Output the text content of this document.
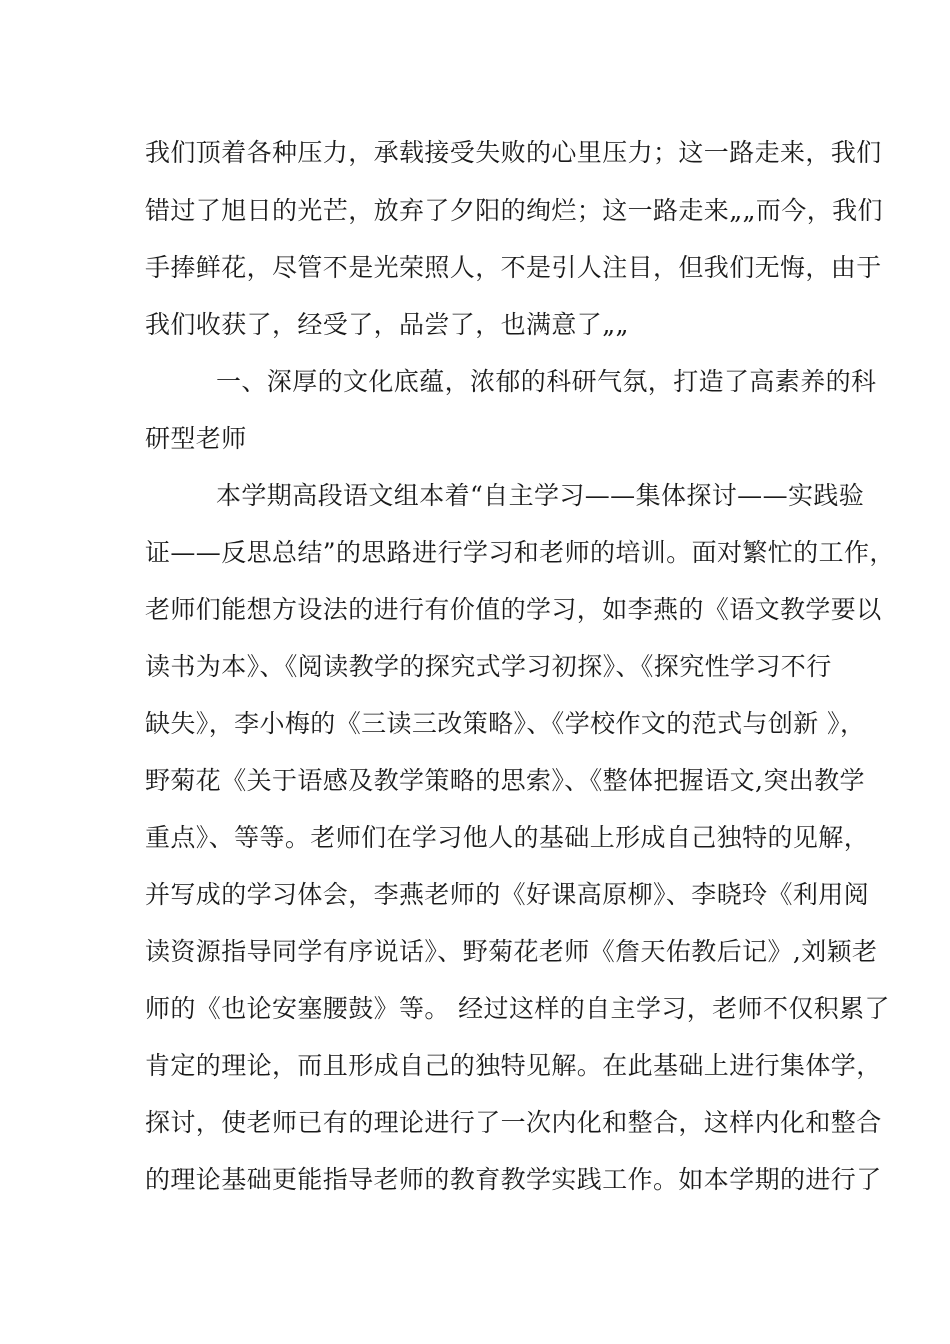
我们顶着各种压力，承载接受失败的心里压力；这一路走来，我们
错过了旭日的光芒，放弃了夕阳的绚烂；这一路走来„„而今，我们
手捧鲜花，尽管不是光荣照人，不是引人注目，但我们无悔，由于
我们收获了，经受了，品尝了，也满意了„„
一、深厚的文化底蕴，浓郁的科研气氛，打造了高素养的科
研型老师
本学期高段语文组本着“自主学习——集体探讨——实践验
证——反思总结”的思路进行学习和老师的培训。面对繁忙的工作，
老师们能想方设法的进行有价值的学习，如李燕的《语文教学要以
读书为本》、《阅读教学的探究式学习初探》、《探究性学习不行
缺失》，李小梅的《三读三改策略》、《学校作文的范式与创新 》，
野菊花《关于语感及教学策略的思索》、《整体把握语文,突出教学
重点》、等等。老师们在学习他人的基础上形成自己独特的见解，
并写成的学习体会，李燕老师的《好课高原柳》、李晓玲《利用阅
读资源指导同学有序说话》、野菊花老师《詹天佑教后记》,刘颖老
师的《也论安塞腰鼓》等。 经过这样的自主学习，老师不仅积累了
肯定的理论，而且形成自己的独特见解。在此基础上进行集体学，
探讨，使老师已有的理论进行了一次内化和整合，这样内化和整合
的理论基础更能指导老师的教育教学实践工作。如本学期的进行了
